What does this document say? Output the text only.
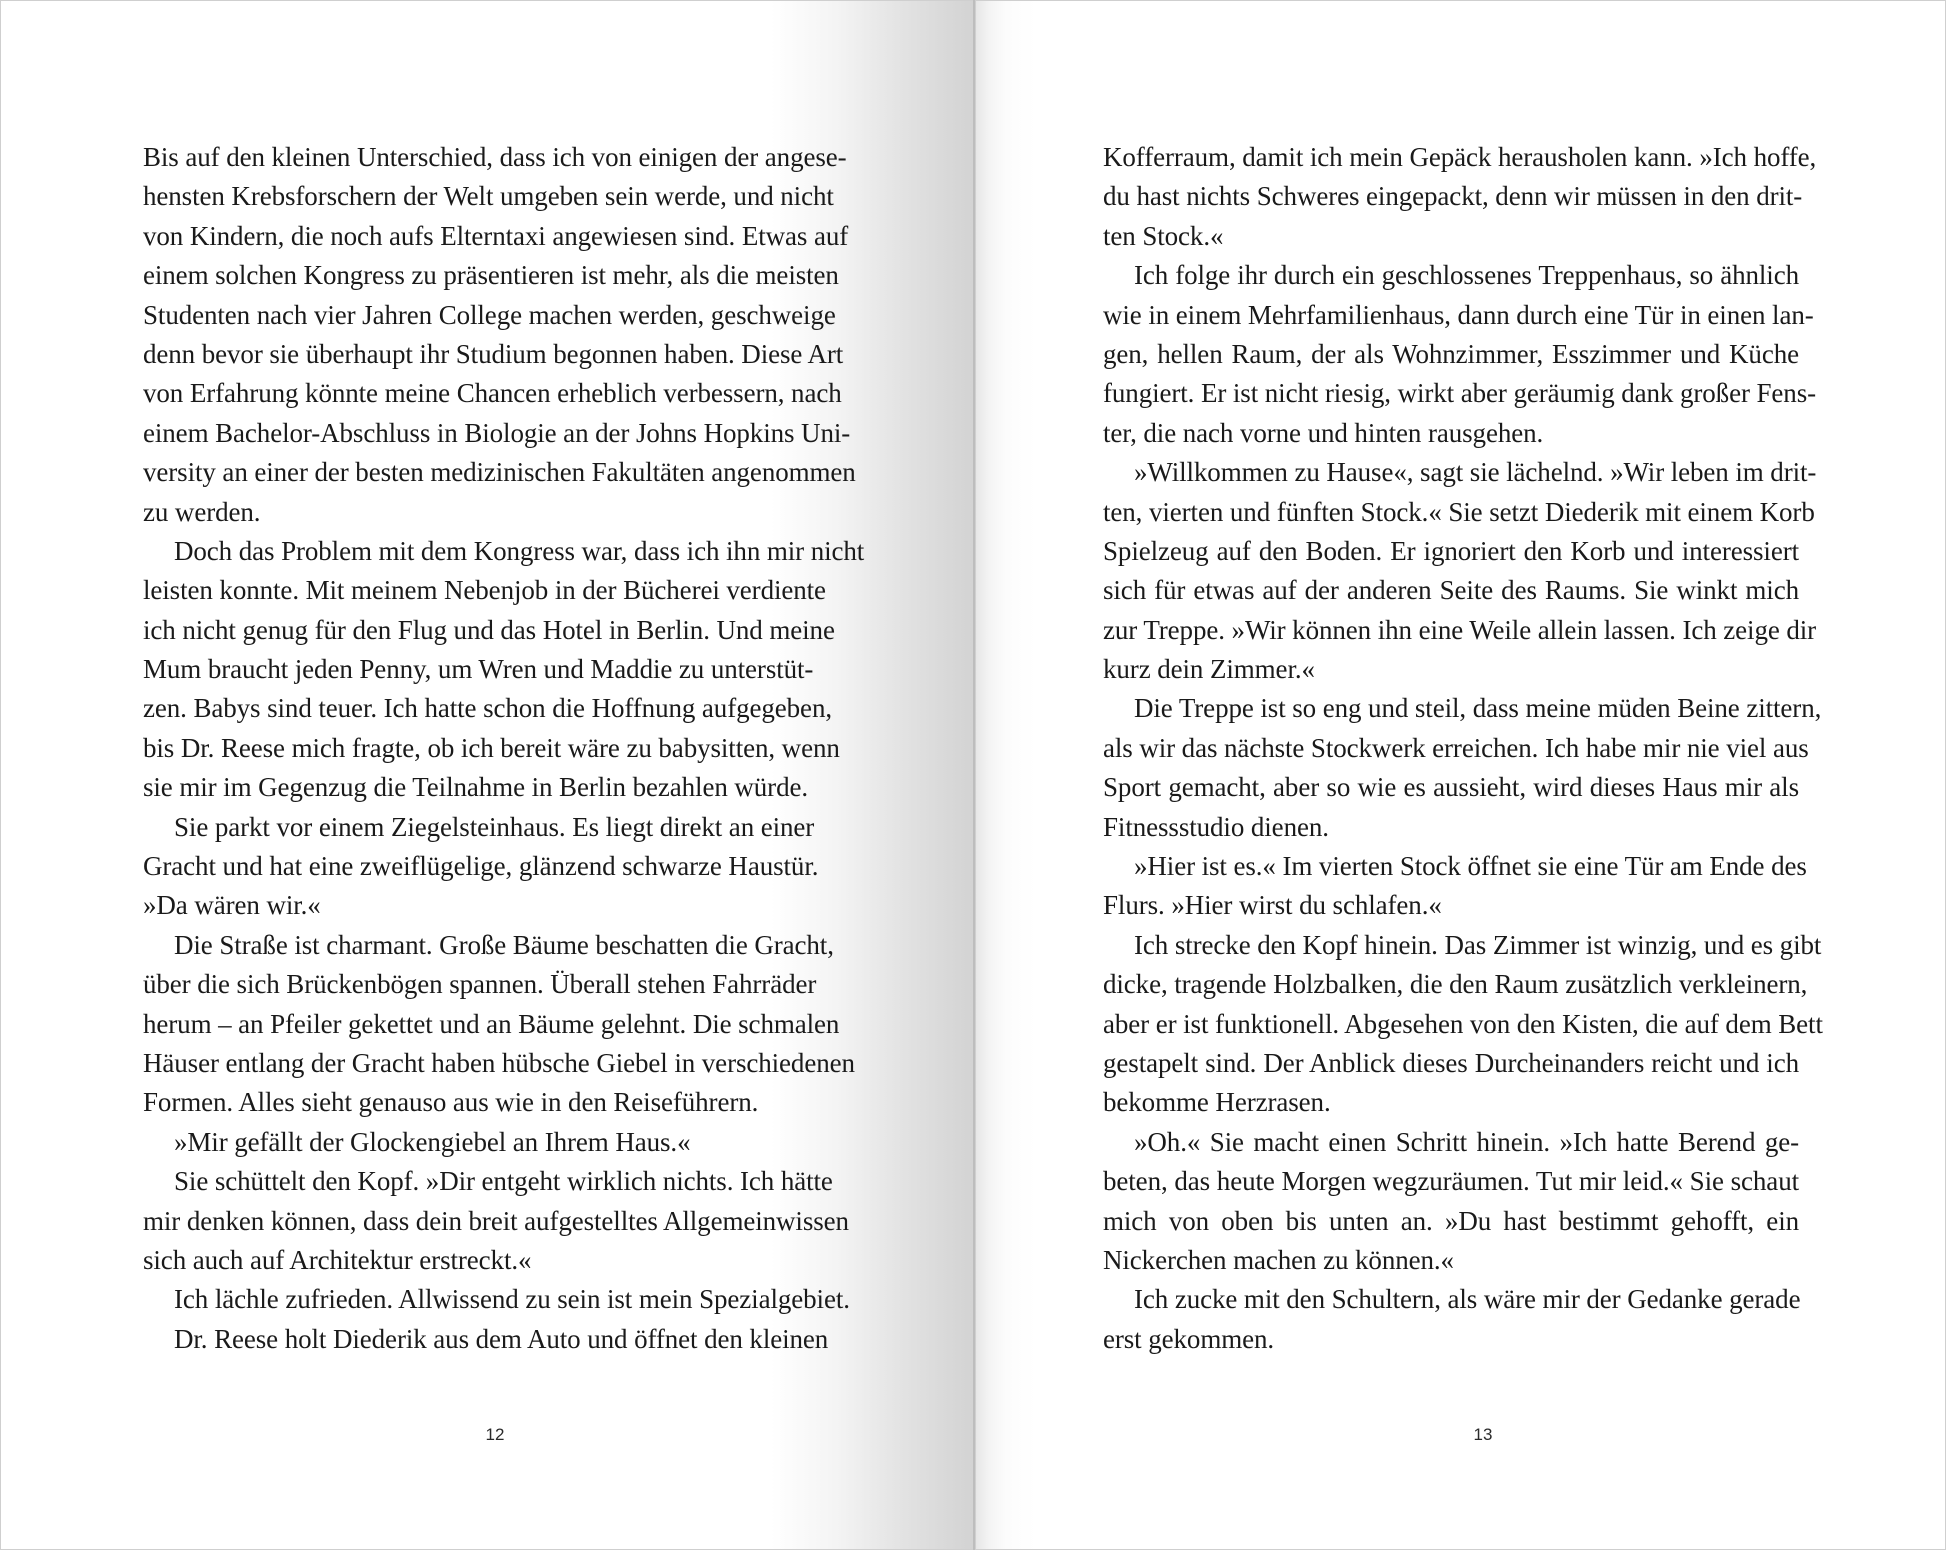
Bis auf den kleinen Unterschied, dass ich von einigen der angese-
hensten Krebsforschern der Welt umgeben sein werde, und nicht
von Kindern, die noch aufs Elterntaxi angewiesen sind. Etwas auf
einem solchen Kongress zu präsentieren ist mehr, als die meisten
Studenten nach vier Jahren College machen werden, geschweige
denn bevor sie überhaupt ihr Studium begonnen haben. Diese Art
von Erfahrung könnte meine Chancen erheblich verbessern, nach
einem Bachelor-Abschluss in Biologie an der Johns Hopkins Uni-
versity an einer der besten medizinischen Fakultäten angenommen
zu werden.
Doch das Problem mit dem Kongress war, dass ich ihn mir nicht
leisten konnte. Mit meinem Nebenjob in der Bücherei verdiente
ich nicht genug für den Flug und das Hotel in Berlin. Und meine
Mum braucht jeden Penny, um Wren und Maddie zu unterstüt-
zen. Babys sind teuer. Ich hatte schon die Hoffnung aufgegeben,
bis Dr. Reese mich fragte, ob ich bereit wäre zu babysitten, wenn
sie mir im Gegenzug die Teilnahme in Berlin bezahlen würde.
Sie parkt vor einem Ziegelsteinhaus. Es liegt direkt an einer
Gracht und hat eine zweiflügelige, glänzend schwarze Haustür.
»Da wären wir.«
Die Straße ist charmant. Große Bäume beschatten die Gracht,
über die sich Brückenbögen spannen. Überall stehen Fahrräder
herum – an Pfeiler gekettet und an Bäume gelehnt. Die schmalen
Häuser entlang der Gracht haben hübsche Giebel in verschiedenen
Formen. Alles sieht genauso aus wie in den Reiseführern.
»Mir gefällt der Glockengiebel an Ihrem Haus.«
Sie schüttelt den Kopf. »Dir entgeht wirklich nichts. Ich hätte
mir denken können, dass dein breit aufgestelltes Allgemeinwissen
sich auch auf Architektur erstreckt.«
Ich lächle zufrieden. Allwissend zu sein ist mein Spezialgebiet.
Dr. Reese holt Diederik aus dem Auto und öffnet den kleinen
12
Kofferraum, damit ich mein Gepäck herausholen kann. »Ich hoffe,
du hast nichts Schweres eingepackt, denn wir müssen in den drit-
ten Stock.«
Ich folge ihr durch ein geschlossenes Treppenhaus, so ähnlich
wie in einem Mehrfamilienhaus, dann durch eine Tür in einen lan-
gen, hellen Raum, der als Wohnzimmer, Esszimmer und Küche
fungiert. Er ist nicht riesig, wirkt aber geräumig dank großer Fens-
ter, die nach vorne und hinten rausgehen.
»Willkommen zu Hause«, sagt sie lächelnd. »Wir leben im drit-
ten, vierten und fünften Stock.« Sie setzt Diederik mit einem Korb
Spielzeug auf den Boden. Er ignoriert den Korb und interessiert
sich für etwas auf der anderen Seite des Raums. Sie winkt mich
zur Treppe. »Wir können ihn eine Weile allein lassen. Ich zeige dir
kurz dein Zimmer.«
Die Treppe ist so eng und steil, dass meine müden Beine zittern,
als wir das nächste Stockwerk erreichen. Ich habe mir nie viel aus
Sport gemacht, aber so wie es aussieht, wird dieses Haus mir als
Fitnessstudio dienen.
»Hier ist es.« Im vierten Stock öffnet sie eine Tür am Ende des
Flurs. »Hier wirst du schlafen.«
Ich strecke den Kopf hinein. Das Zimmer ist winzig, und es gibt
dicke, tragende Holzbalken, die den Raum zusätzlich verkleinern,
aber er ist funktionell. Abgesehen von den Kisten, die auf dem Bett
gestapelt sind. Der Anblick dieses Durcheinanders reicht und ich
bekomme Herzrasen.
»Oh.« Sie macht einen Schritt hinein. »Ich hatte Berend ge-
beten, das heute Morgen wegzuräumen. Tut mir leid.« Sie schaut
mich von oben bis unten an. »Du hast bestimmt gehofft, ein
Nickerchen machen zu können.«
Ich zucke mit den Schultern, als wäre mir der Gedanke gerade
erst gekommen.
13
